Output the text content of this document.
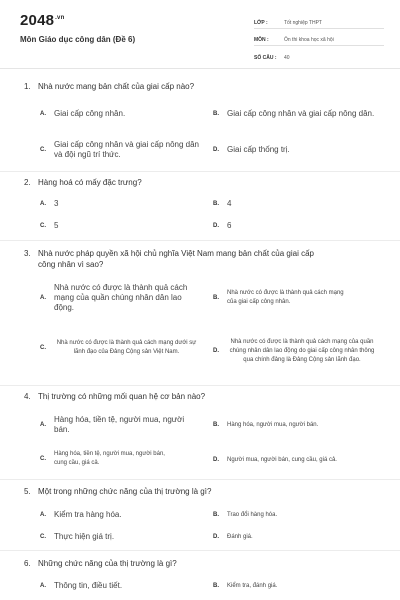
$2048^{.vn}$
Môn Giáo dục công dân (Đề 6)
LỚP :	Tốt nghiệp THPT
MÔN :	Ôn thi khoa học xã hội
SỐ CÂU :	40
1. Nhà nước mang bản chất của giai cấp nào?
A.	Giai cấp công nhân.	B.	Giai cấp công nhân và giai cấp nông dân.
C.
Giai cấp công nhân và giai cấp nông dân và đội ngũ trí thức.	D.	Giai cấp thống trị.
2. Hàng hoá có mấy đặc trưng?
A.	3	B.	4
C.	5	D.	6
3. Nhà nước pháp quyền xã hội chủ nghĩa Việt Nam mang bản chất của giai cấp
công nhân vì sao?
A.
Nhà nước có được là thành quả cách mạng của quần chúng nhân dân lao động.
B.
Nhà nước có được là thành quả cách mạng của giai cấp công nhân.
C.
Nhà nước có được là thành quả cách mạng dưới sự lãnh đạo của Đảng Cộng sản Việt Nam.	D.
Nhà nước có được là thành quả cách mạng của quần chúng nhân dân lao động do giai cấp công nhân thông qua chính đảng là Đảng Cộng sản lãnh đạo.
4. Thị trường có những mối quan hệ cơ bản nào?
A.
Hàng hóa, tiền tệ, người mua, người bán.	B.	Hàng hóa, người mua, người bán.
C.
Hàng hóa, tiền tệ, người mua, người bán, cung cầu, giá cả.	D.	Người mua, người bán, cung cầu, giá cả.
5. Một trong những chức năng của thị trường là gì?
A.	Kiểm tra hàng hóa.	B.	Trao đổi hàng hóa.
C.	Thực hiện giá trị.	D.	Đánh giá.
6. Những chức năng của thị trường là gì?
A.	Thông tin, điều tiết.	B.	Kiểm tra, đánh giá.
